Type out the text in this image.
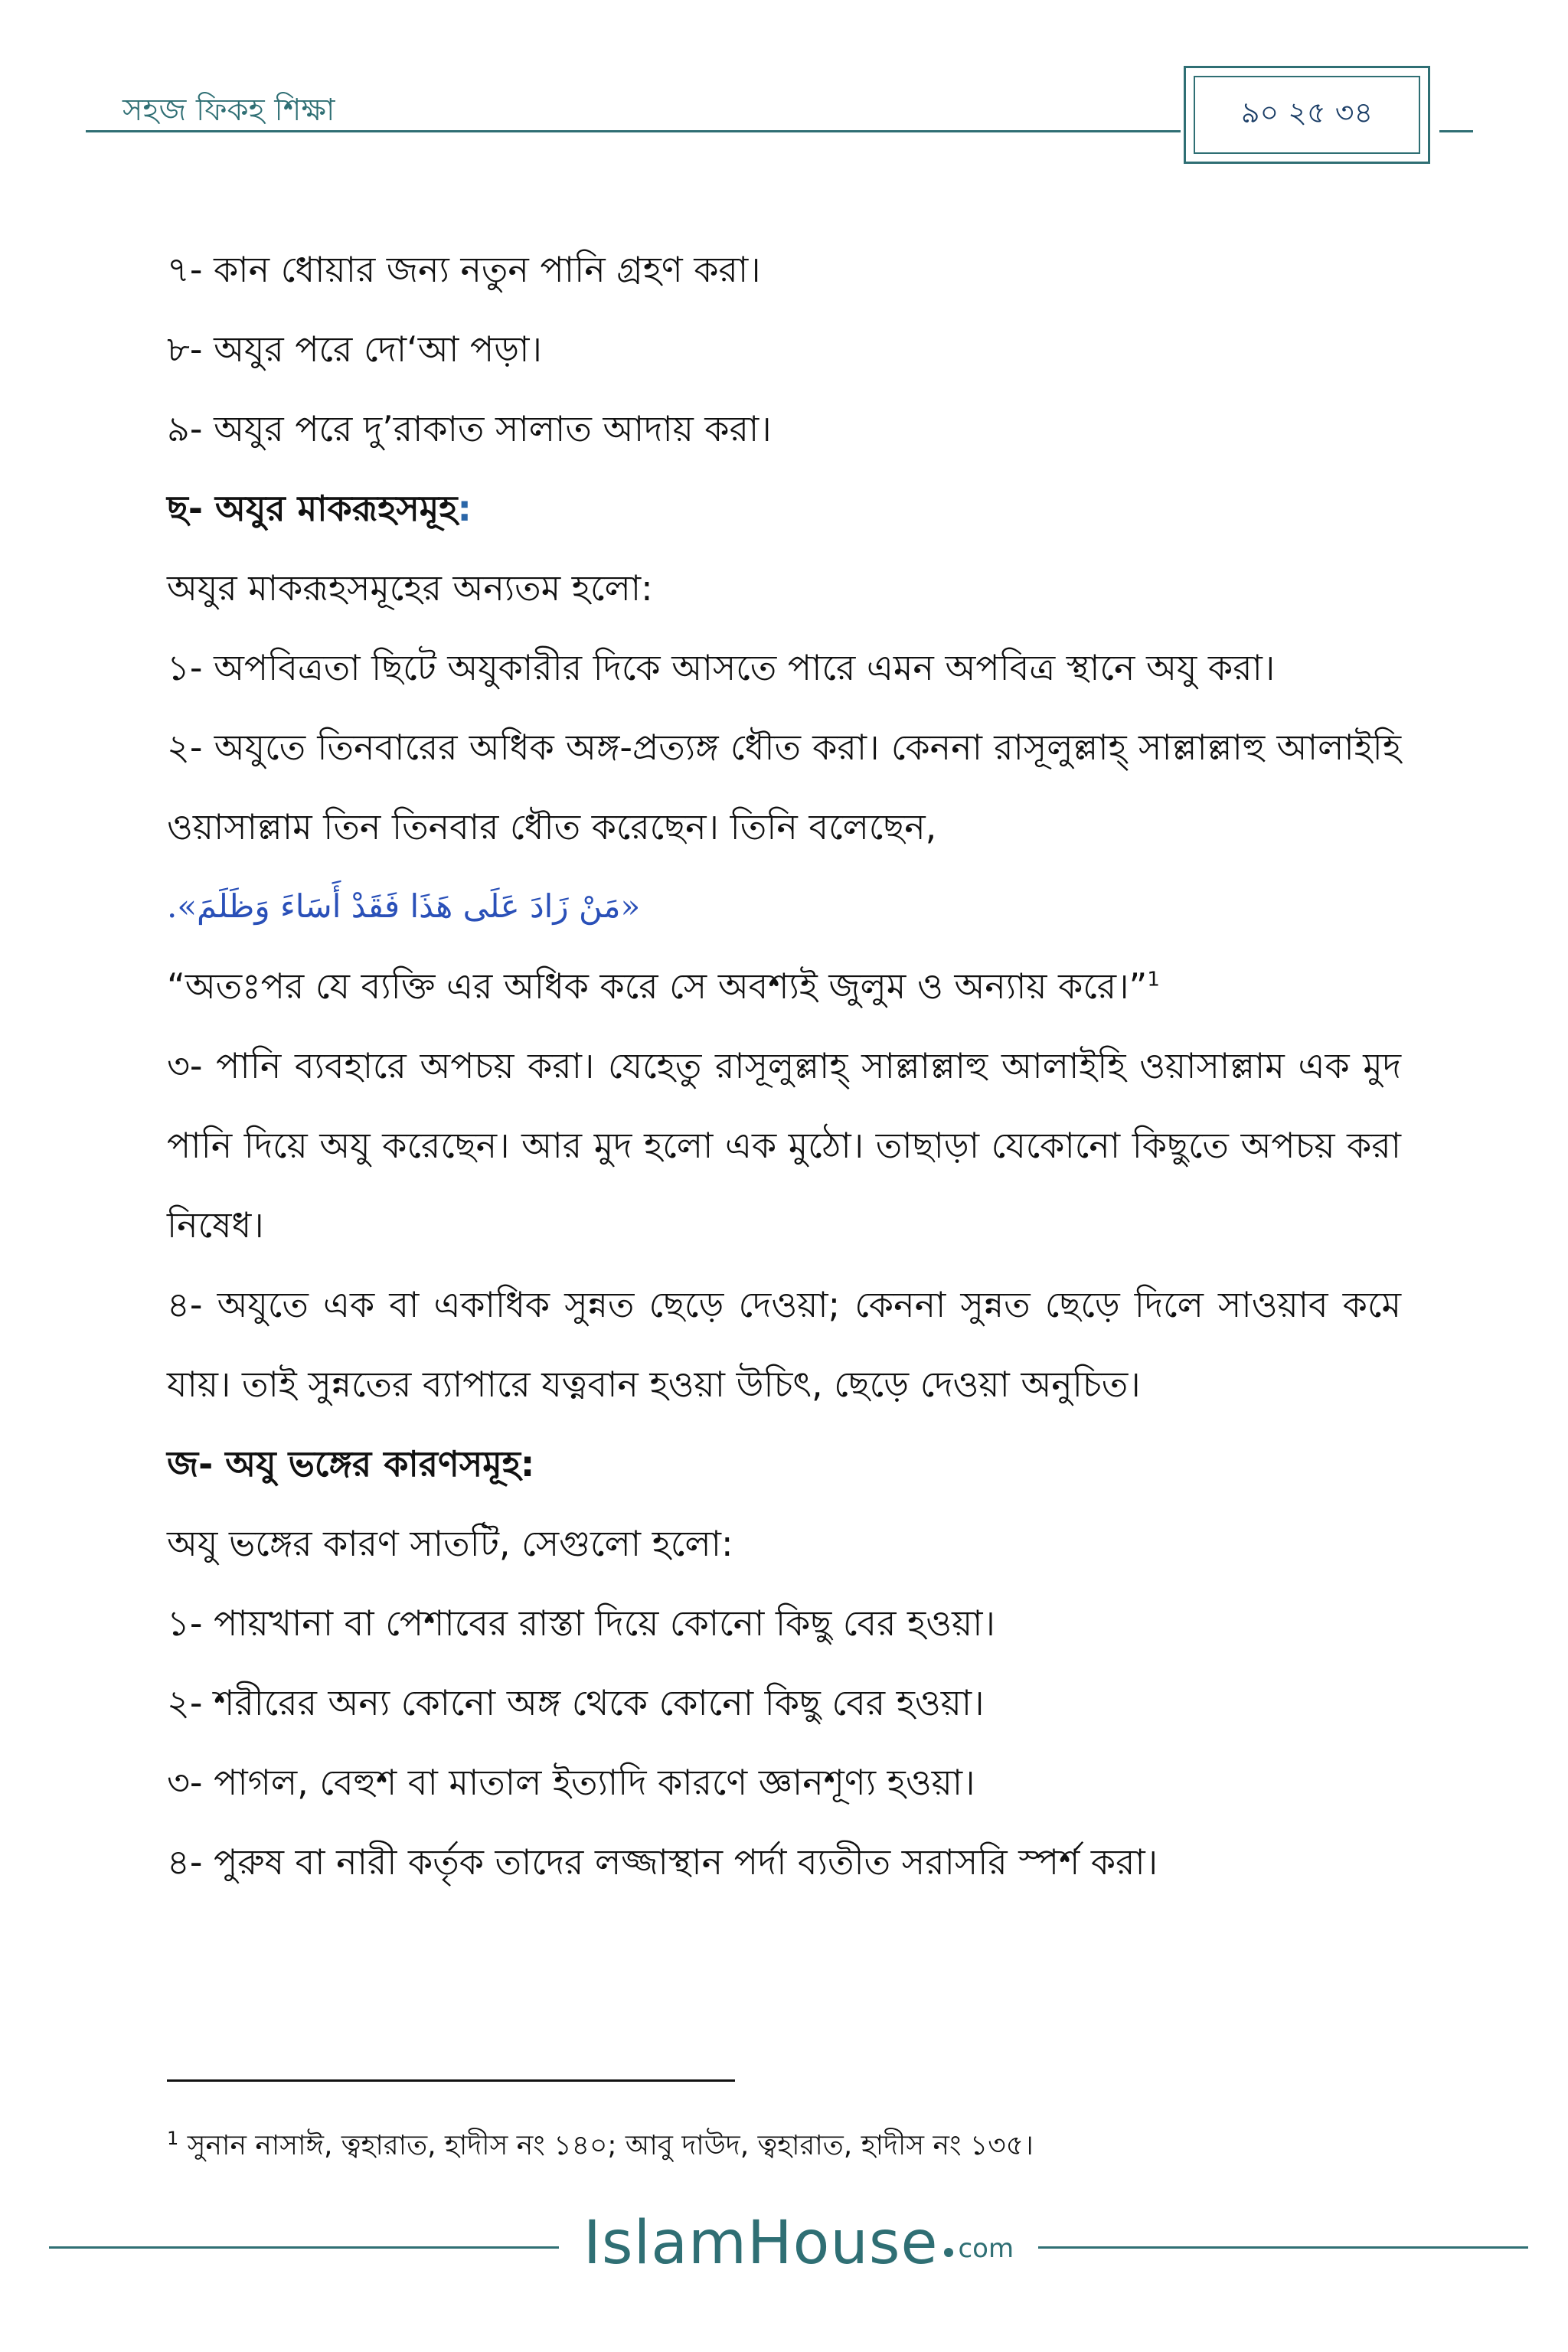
সহজ ফিকহ শিক্ষা	৯০ ২৫ ৩৪

৭- কান ধোয়ার জন্য নতুন পানি গ্রহণ করা।

৮- অযুর পরে দো‘আ পড়া।

৯- অযুর পরে দু’রাকাত সালাত আদায় করা।

ছ- অযুর মাকরূহসমূহ:

অযুর মাকরূহসমূহের অন্যতম হলো:

১- অপবিত্রতা ছিটে অযুকারীর দিকে আসতে পারে এমন অপবিত্র স্থানে অযু করা।

২- অযুতে তিনবারের অধিক অঙ্গ-প্রত্যঙ্গ ধৌত করা। কেননা রাসূলুল্লাহ্ সাল্লাল্লাহু আলাইহি ওয়াসাল্লাম তিন তিনবার ধৌত করেছেন। তিনি বলেছেন,

«مَنْ زَادَ عَلَى هَذَا فَقَدْ أَسَاءَ وَظَلَمَ».

“অতঃপর যে ব্যক্তি এর অধিক করে সে অবশ্যই জুলুম ও অন্যায় করে।”$^1$

৩- পানি ব্যবহারে অপচয় করা। যেহেতু রাসূলুল্লাহ্ সাল্লাল্লাহু আলাইহি ওয়াসাল্লাম এক মুদ পানি দিয়ে অযু করেছেন। আর মুদ হলো এক মুঠো। তাছাড়া যেকোনো কিছুতে অপচয় করা নিষেধ।

৪- অযুতে এক বা একাধিক সুন্নত ছেড়ে দেওয়া; কেননা সুন্নত ছেড়ে দিলে সাওয়াব কমে যায়। তাই সুন্নতের ব্যাপারে যত্নবান হওয়া উচিৎ, ছেড়ে দেওয়া অনুচিত।

জ- অযু ভঙ্গের কারণসমূহ:

অযু ভঙ্গের কারণ সাতটি, সেগুলো হলো:

১- পায়খানা বা পেশাবের রাস্তা দিয়ে কোনো কিছু বের হওয়া।

২- শরীরের অন্য কোনো অঙ্গ থেকে কোনো কিছু বের হওয়া।

৩- পাগল, বেহুশ বা মাতাল ইত্যাদি কারণে জ্ঞানশূণ্য হওয়া।

৪- পুরুষ বা নারী কর্তৃক তাদের লজ্জাস্থান পর্দা ব্যতীত সরাসরি স্পর্শ করা।

$^1$ সুনান নাসাঈ, ত্বহারাত, হাদীস নং ১৪০; আবু দাউদ, ত্বহারাত, হাদীস নং ১৩৫।
IslamHouse com
